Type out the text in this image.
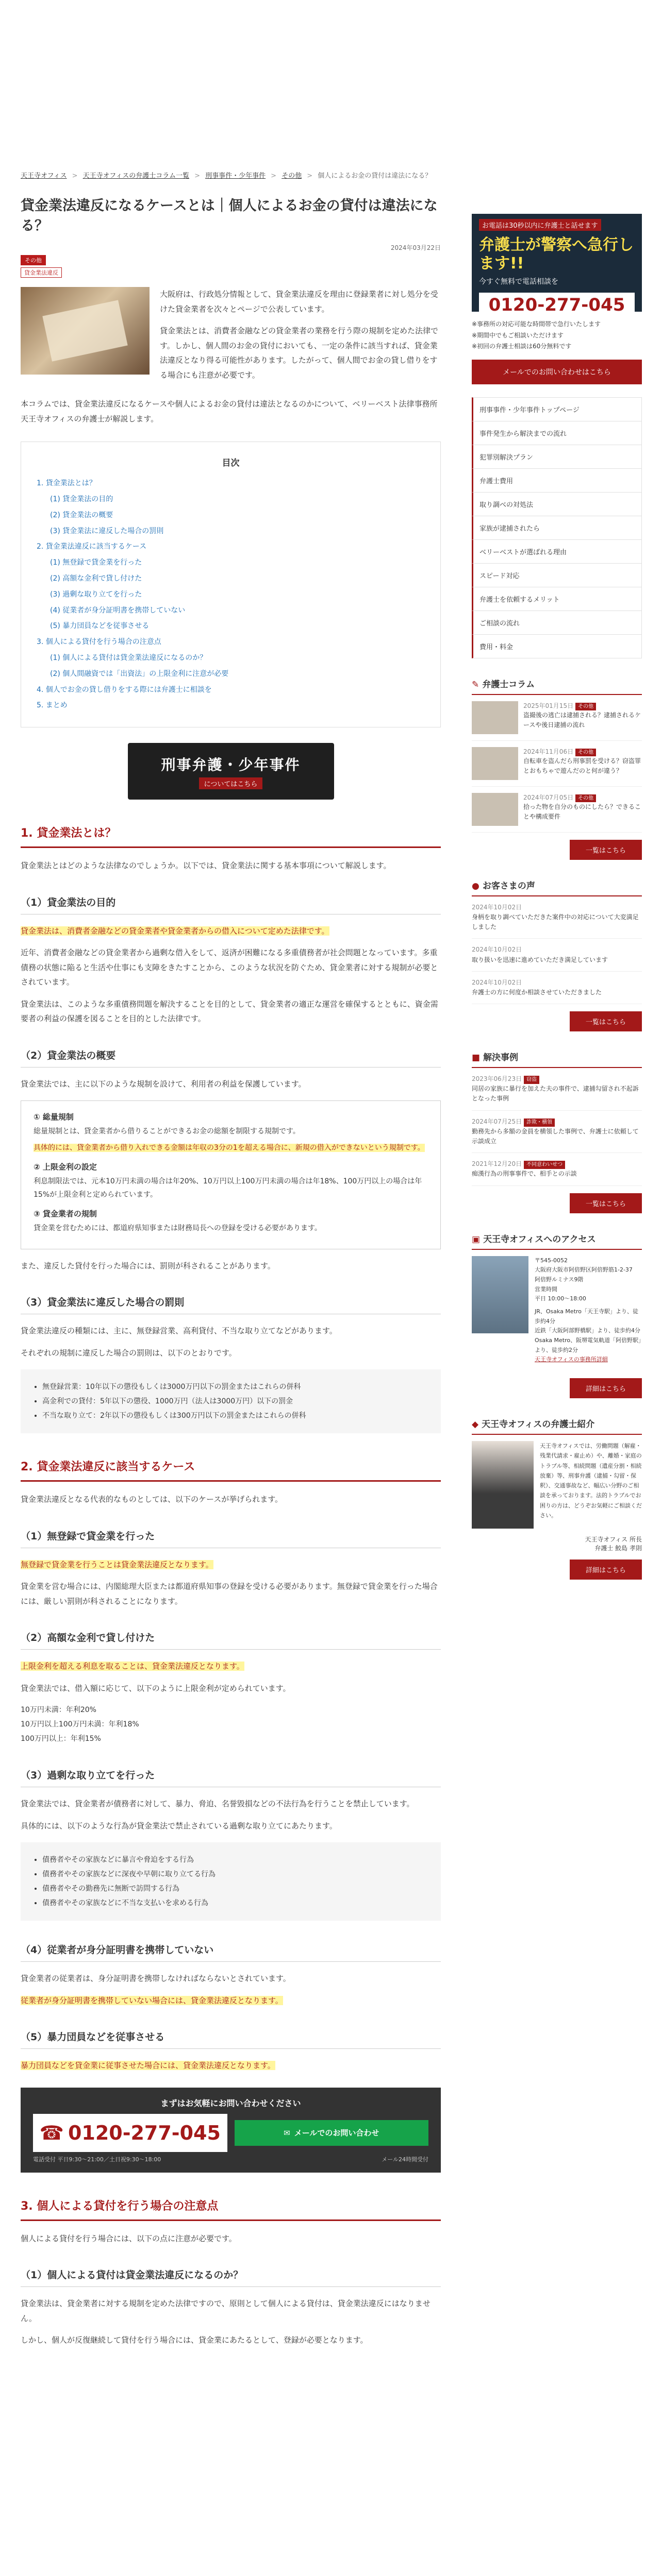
天王寺オフィス > 天王寺オフィスの弁護士コラム一覧 > 刑事事件・少年事件 > その他 > 個人によるお金の貸付は違法になる？
貸金業法違反になるケースとは｜個人によるお金の貸付は違法になる？
2024年03月22日
その他
貸金業法違反

大阪府は、行政処分情報として、貸金業法違反を理由に登録業者に対し処分を受けた貸金業者を次々とページで公表しています。

貸金業法とは、消費者金融などの貸金業者の業務を行う際の規制を定めた法律です。しかし、個人間のお金の貸付においても、一定の条件に該当すれば、貸金業法違反となり得る可能性があります。したがって、個人間でお金の貸し借りをする場合にも注意が必要です。

本コラムでは、貸金業法違反になるケースや個人によるお金の貸付は違法となるのかについて、ベリーベスト法律事務所 天王寺オフィスの弁護士が解説します。

目次
1. 貸金業法とは？
(1) 貸金業法の目的
(2) 貸金業法の概要
(3) 貸金業法に違反した場合の罰則
2. 貸金業法違反に該当するケース
(1) 無登録で貸金業を行った
(2) 高額な金利で貸し付けた
(3) 過剰な取り立てを行った
(4) 従業者が身分証明書を携帯していない
(5) 暴力団員などを従事させる
3. 個人による貸付を行う場合の注意点
(1) 個人による貸付は貸金業法違反になるのか？
(2) 個人間融資では「出資法」の上限金利に注意が必要
4. 個人でお金の貸し借りをする際には弁護士に相談を
5. まとめ
刑事弁護・少年事件
についてはこちら
1. 貸金業法とは？

貸金業法とはどのような法律なのでしょうか。以下では、貸金業法に関する基本事項について解説します。

（1）貸金業法の目的

貸金業法は、消費者金融などの貸金業者や貸金業者からの借入について定めた法律です。

近年、消費者金融などの貸金業者から過剰な借入をして、返済が困難になる多重債務者が社会問題となっています。多重債務の状態に陥ると生活や仕事にも支障をきたすことから、このような状況を防ぐため、貸金業者に対する規制が必要とされています。

貸金業法は、このような多重債務問題を解決することを目的として、貸金業者の適正な運営を確保するとともに、資金需要者の利益の保護を図ることを目的とした法律です。

（2）貸金業法の概要

貸金業法では、主に以下のような規制を設けて、利用者の利益を保護しています。

① 総量規制

総量規制とは、貸金業者から借りることができるお金の総額を制限する規制です。

具体的には、貸金業者から借り入れできる金額は年収の3分の1を超える場合に、新規の借入ができないという規制です。

② 上限金利の設定

利息制限法では、元本10万円未満の場合は年20%、10万円以上100万円未満の場合は年18%、100万円以上の場合は年15%が上限金利と定められています。

③ 貸金業者の規制

貸金業を営むためには、都道府県知事または財務局長への登録を受ける必要があります。

また、違反した貸付を行った場合には、罰則が科されることがあります。

（3）貸金業法に違反した場合の罰則

貸金業法違反の種類には、主に、無登録営業、高利貸付、不当な取り立てなどがあります。

それぞれの規制に違反した場合の罰則は、以下のとおりです。

• 無登録営業：10年以下の懲役もしくは3000万円以下の罰金またはこれらの併科
• 高金利での貸付：5年以下の懲役、1000万円（法人は3000万円）以下の罰金
• 不当な取り立て：2年以下の懲役もしくは300万円以下の罰金またはこれらの併科
2. 貸金業法違反に該当するケース

貸金業法違反となる代表的なものとしては、以下のケースが挙げられます。

（1）無登録で貸金業を行った

無登録で貸金業を行うことは貸金業法違反となります。

貸金業を営む場合には、内閣総理大臣または都道府県知事の登録を受ける必要があります。無登録で貸金業を行った場合には、厳しい罰則が科されることになります。

（2）高額な金利で貸し付けた

上限金利を超える利息を取ることは、貸金業法違反となります。

貸金業法では、借入額に応じて、以下のように上限金利が定められています。

10万円未満：年利20%
10万円以上100万円未満：年利18%
100万円以上：年利15%
（3）過剰な取り立てを行った

貸金業法では、貸金業者が債務者に対して、暴力、脅迫、名誉毀損などの不法行為を行うことを禁止しています。

具体的には、以下のような行為が貸金業法で禁止されている過剰な取り立てにあたります。

• 債務者やその家族などに暴言や脅迫をする行為
• 債務者やその家族などに深夜や早朝に取り立てる行為
• 債務者やその勤務先に無断で訪問する行為
• 債務者やその家族などに不当な支払いを求める行為
（4）従業者が身分証明書を携帯していない

貸金業者の従業者は、身分証明書を携帯しなければならないとされています。

従業者が身分証明書を携帯していない場合には、貸金業法違反となります。

（5）暴力団員などを従事させる

暴力団員などを貸金業に従事させた場合には、貸金業法違反となります。

まずはお気軽にお問い合わせください
☎ 0120-277-045	✉ メールでのお問い合わせ
電話受付 平日9:30〜21:00／土日祝9:30〜18:00	メール24時間受付
3. 個人による貸付を行う場合の注意点

個人による貸付を行う場合には、以下の点に注意が必要です。

（1）個人による貸付は貸金業法違反になるのか？

貸金業法は、貸金業者に対する規制を定めた法律ですので、原則として個人による貸付は、貸金業法違反にはなりません。

しかし、個人が反復継続して貸付を行う場合には、貸金業にあたるとして、登録が必要となります。

お電話は30秒以内に弁護士と話せます
弁護士が警察へ急行します!!
今すぐ無料で電話相談を
0120-277-045
※事務所の対応可能な時間帯で急行いたします
※期間中でもご相談いただけます
※初回の弁護士相談は60分無料です
メールでのお問い合わせはこちら
刑事事件・少年事件トップページ
事件発生から解決までの流れ
犯罪別解決プラン
弁護士費用
取り調べの対処法
家族が逮捕されたら
ベリーベストが選ばれる理由
スピード対応
弁護士を依頼するメリット
ご相談の流れ
費用・料金
✎ 弁護士コラム
2025年01月15日 その他
盗撮後の逃亡は逮捕される？逮捕されるケースや後日逮捕の流れ
2024年11月06日 その他
自転車を盗んだら刑事罰を受ける？窃盗罪とおもちゃで遊んだのと何が違う？
2024年07月05日 その他
拾った物を自分のものにしたら？できることや構成要件
一覧はこちら
● お客さまの声
2024年10月02日
身柄を取り調べていただきた案件中の対応について大変満足しました
2024年10月02日
取り扱いを迅速に進めていただき満足しています
2024年10月02日
弁護士の方に何度か相談させていただきました
一覧はこちら
■ 解決事例
2023年06月23日 窃盗
同居の家族に暴行を加えた夫の事件で、逮捕勾留され不起訴となった事例
2024年07月25日 詐欺・横領
勤務先から多額の金員を横領した事例で、弁護士に依頼して示談成立
2021年12月20日 不同意わいせつ
痴漢行為の刑事事件で、相手との示談
一覧はこちら
▣ 天王寺オフィスへのアクセス
〒545-0052
大阪府大阪市阿倍野区阿倍野筋1-2-37　阿倍野ルミナス9階
営業時間
平日 10:00〜18:00
JR、Osaka Metro「天王寺駅」より、徒歩約4分
近鉄「大阪阿部野橋駅」より、徒歩約4分
Osaka Metro、阪堺電気軌道「阿倍野駅」より、徒歩約2分
天王寺オフィスの事務所詳細
詳細はこちら
◆ 天王寺オフィスの弁護士紹介
天王寺オフィスでは、労働問題（解雇・残業代請求・雇止め）や、離婚・家庭のトラブル等、相続問題（遺産分割・相続放棄）等、刑事弁護（逮捕・勾留・保釈）、交通事故など、幅広い分野のご相談を承っております。法的トラブルでお困りの方は、どうぞお気軽にご相談ください。
天王寺オフィス 所長
弁護士 鮫島 孝則
詳細はこちら
